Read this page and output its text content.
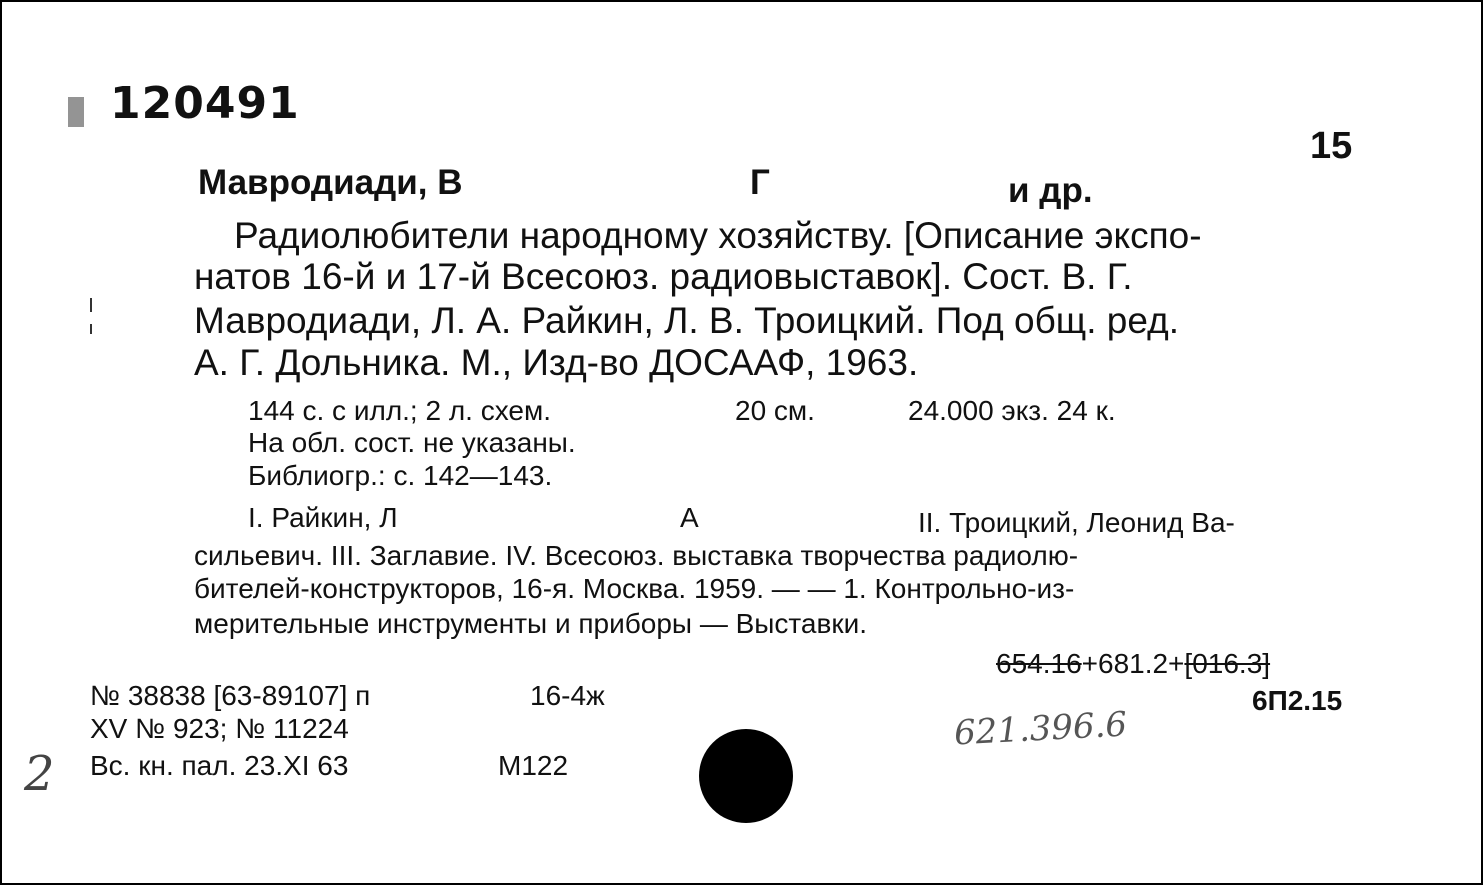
120491
15
Мавродиади, В	Г	и др.
Радиолюбители народному хозяйству. [Описание экспо-
натов 16-й и 17-й Всесоюз. радиовыставок]. Сост. В. Г.
Мавродиади, Л. А. Райкин, Л. В. Троицкий. Под общ. ред.
А. Г. Дольника. М., Изд-во ДОСААФ, 1963.
144 с. с илл.; 2 л. схем.	20 см.	24.000 экз. 24 к.
На обл. сост. не указаны.
Библиогр.: с. 142—143.
I. Райкин, Л	А	II. Троицкий, Леонид Ва-
сильевич. III. Заглавие. IV. Всесоюз. выставка творчества радиолю-
бителей-конструкторов, 16-я. Москва. 1959. — — 1. Контрольно-из-
мерительные инструменты и приборы — Выставки.
654.16+681.2+[016.3]
6П2.15
621.396.6
№ 38838 [63-89107] п	16-4ж
XV № 923; № 11224
Вс. кн. пал. 23.XI 63	М122
2
